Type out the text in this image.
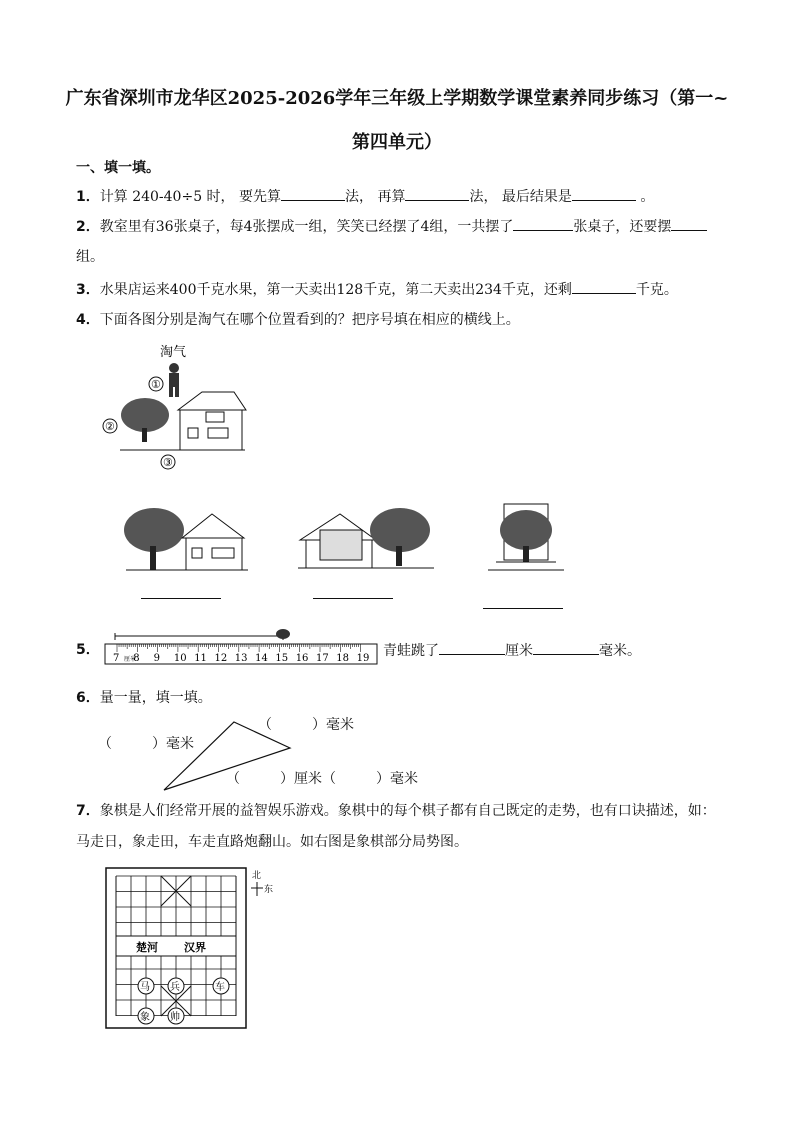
广东省深圳市龙华区2025-2026学年三年级上学期数学课堂素养同步练习（第一~
第四单元）
一、填一填。
1．计算 240-40÷5 时， 要先算	法， 再算	法， 最后结果是	。
2．教室里有36张桌子，每4张摆成一组，笑笑已经摆了4组，一共摆了	张桌子，还要摆
组。
3．水果店运来400千克水果，第一天卖出128千克，第二天卖出234千克，还剩	千克。
4．下面各图分别是淘气在哪个位置看到的？把序号填在相应的横线上。
淘气
①
②
③
5．
7 8 9 10 11 12 13 14 15 16 17 18 19
厘米
青蛙跳了	厘米	毫米。
6．量一量，填一填。
（	）毫米
（	）毫米
（	）厘米（	）毫米
7．象棋是人们经常开展的益智娱乐游戏。象棋中的每个棋子都有自己既定的走势，也有口诀描述，如：
马走日，象走田，车走直路炮翻山。如右图是象棋部分局势图。
楚河 汉界
马 兵	车
象 帅
北
东
